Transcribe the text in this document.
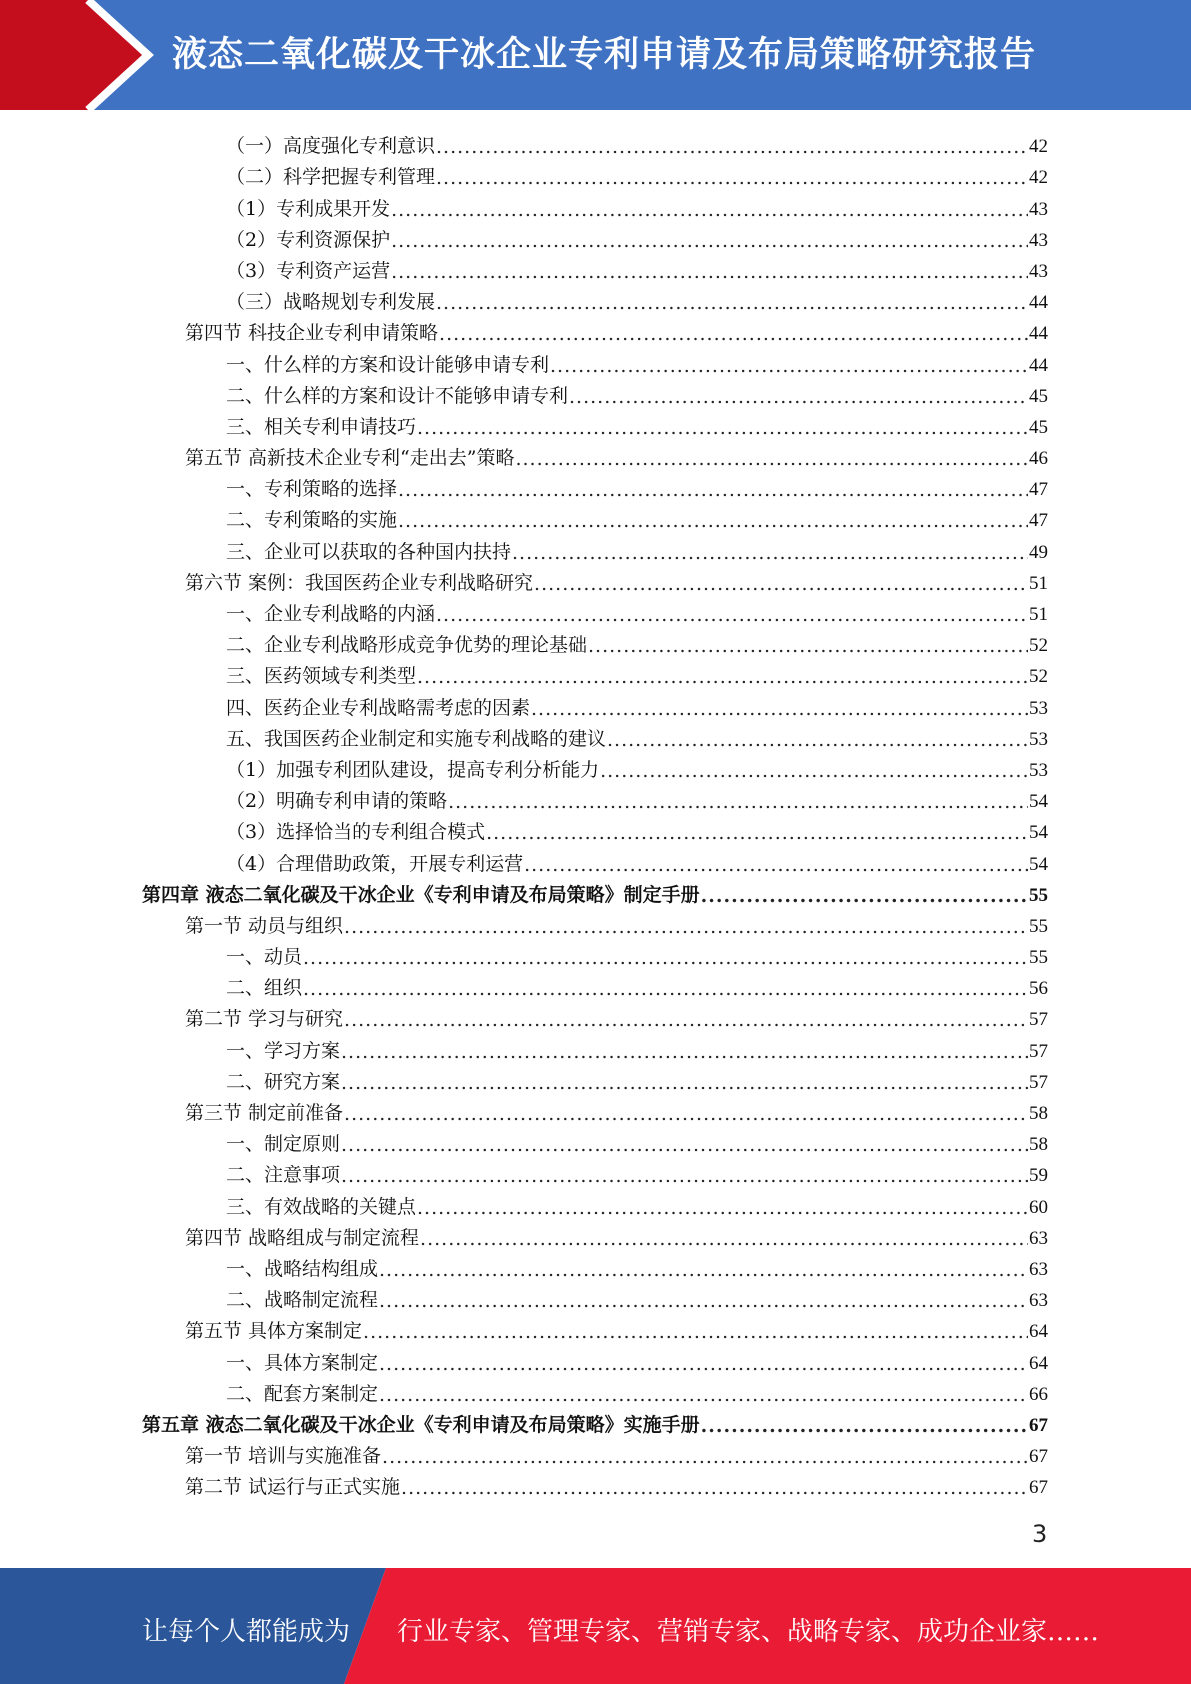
液态二氧化碳及干冰企业专利申请及布局策略研究报告
（一）高度强化专利意识 .....	42
（二）科学把握专利管理 .....	42
（1）专利成果开发 .....	43
（2）专利资源保护 .....	43
（3）专利资产运营 .....	43
（三）战略规划专利发展 .....	44
第四节 科技企业专利申请策略 .....	44
一、什么样的方案和设计能够申请专利 .....	44
二、什么样的方案和设计不能够申请专利 .....	45
三、相关专利申请技巧 .....	45
第五节 高新技术企业专利“走出去”策略 .....	46
一、专利策略的选择 .....	47
二、专利策略的实施 .....	47
三、企业可以获取的各种国内扶持 .....	49
第六节 案例：我国医药企业专利战略研究 .....	51
一、企业专利战略的内涵 .....	51
二、企业专利战略形成竞争优势的理论基础 .....	52
三、医药领域专利类型 .....	52
四、医药企业专利战略需考虑的因素 .....	53
五、我国医药企业制定和实施专利战略的建议 .....	53
（1）加强专利团队建设，提高专利分析能力 .....	53
（2）明确专利申请的策略 .....	54
（3）选择恰当的专利组合模式 .....	54
（4）合理借助政策，开展专利运营 .....	54
第四章 液态二氧化碳及干冰企业《专利申请及布局策略》制定手册 .....	55
第一节 动员与组织 .....	55
一、动员 .....	55
二、组织 .....	56
第二节 学习与研究 .....	57
一、学习方案 .....	57
二、研究方案 .....	57
第三节 制定前准备 .....	58
一、制定原则 .....	58
二、注意事项 .....	59
三、有效战略的关键点 .....	60
第四节 战略组成与制定流程 .....	63
一、战略结构组成 .....	63
二、战略制定流程 .....	63
第五节 具体方案制定 .....	64
一、具体方案制定 .....	64
二、配套方案制定 .....	66
第五章 液态二氧化碳及干冰企业《专利申请及布局策略》实施手册 .....	67
第一节 培训与实施准备 .....	67
第二节 试运行与正式实施 .....	67
3
让每个人都能成为 行业专家、管理专家、营销专家、战略专家、成功企业家……
